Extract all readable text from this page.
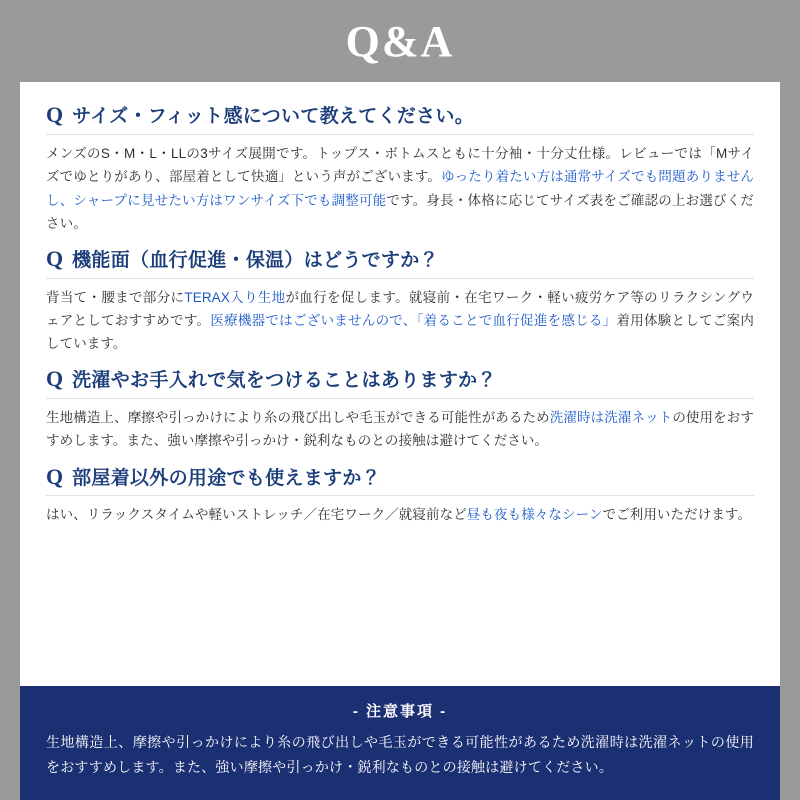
Q&A
Q サイズ・フィット感について教えてください。
メンズのS・M・L・LLの3サイズ展開です。トップス・ボトムスともに十分袖・十分丈仕様。レビューでは「Mサイズでゆとりがあり、部屋着として快適」という声がございます。ゆったり着たい方は通常サイズでも問題ありませんし、シャープに見せたい方はワンサイズ下でも調整可能です。身長・体格に応じてサイズ表をご確認の上お選びください。
Q 機能面（血行促進・保温）はどうですか？
背当て・腰まで部分にTERAX入り生地が血行を促します。就寝前・在宅ワーク・軽い疲労ケア等のリラクシングウェアとしておすすめです。医療機器ではございませんので、「着ることで血行促進を感じる」着用体験としてご案内しています。
Q 洗濯やお手入れで気をつけることはありますか？
生地構造上、摩擦や引っかけにより糸の飛び出しや毛玉ができる可能性があるため洗濯時は洗濯ネットの使用をおすすめします。また、強い摩擦や引っかけ・鋭利なものとの接触は避けてください。
Q 部屋着以外の用途でも使えますか？
はい、リラックスタイムや軽いストレッチ／在宅ワーク／就寝前など昼も夜も様々なシーンでご利用いただけます。
- 注意事項 -
生地構造上、摩擦や引っかけにより糸の飛び出しや毛玉ができる可能性があるため洗濯時は洗濯ネットの使用をおすすめします。また、強い摩擦や引っかけ・鋭利なものとの接触は避けてください。
